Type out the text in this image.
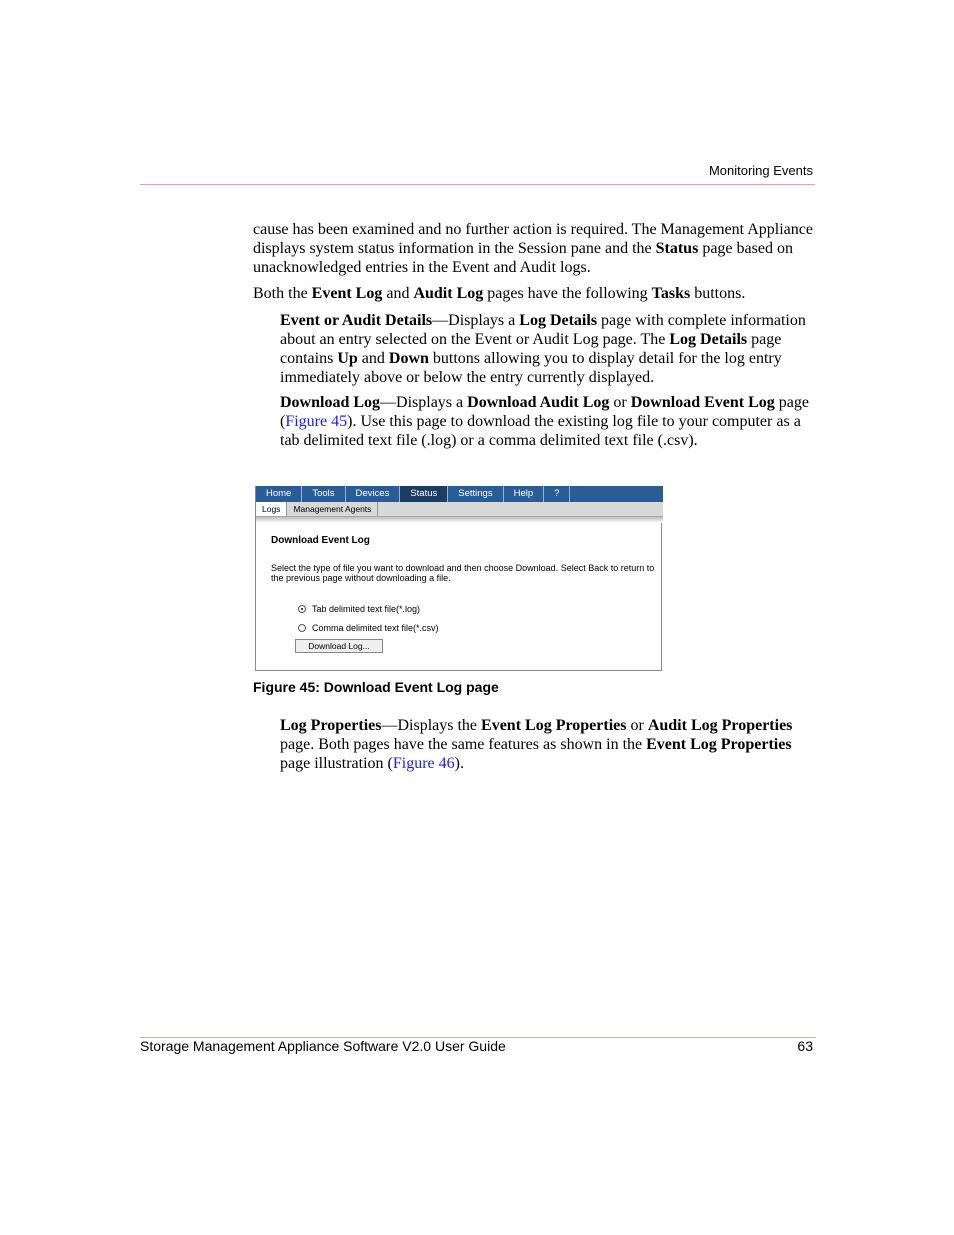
Monitoring Events
cause has been examined and no further action is required. The Management Appliance displays system status information in the Session pane and the Status page based on unacknowledged entries in the Event and Audit logs.
Both the Event Log and Audit Log pages have the following Tasks buttons.
Event or Audit Details—Displays a Log Details page with complete information about an entry selected on the Event or Audit Log page. The Log Details page contains Up and Down buttons allowing you to display detail for the log entry immediately above or below the entry currently displayed.
Download Log—Displays a Download Audit Log or Download Event Log page (Figure 45). Use this page to download the existing log file to your computer as a tab delimited text file (.log) or a comma delimited text file (.csv).
Home	Tools	Devices	Status	Settings	Help	?
Logs	Management Agents
Download Event Log
Select the type of file you want to download and then choose Download. Select Back to return to the previous page without downloading a file.
Tab delimited text file(*.log)
Comma delimited text file(*.csv)
Download Log...
Figure 45: Download Event Log page
Log Properties—Displays the Event Log Properties or Audit Log Properties page. Both pages have the same features as shown in the Event Log Properties page illustration (Figure 46).
Storage Management Appliance Software V2.0 User Guide	63
